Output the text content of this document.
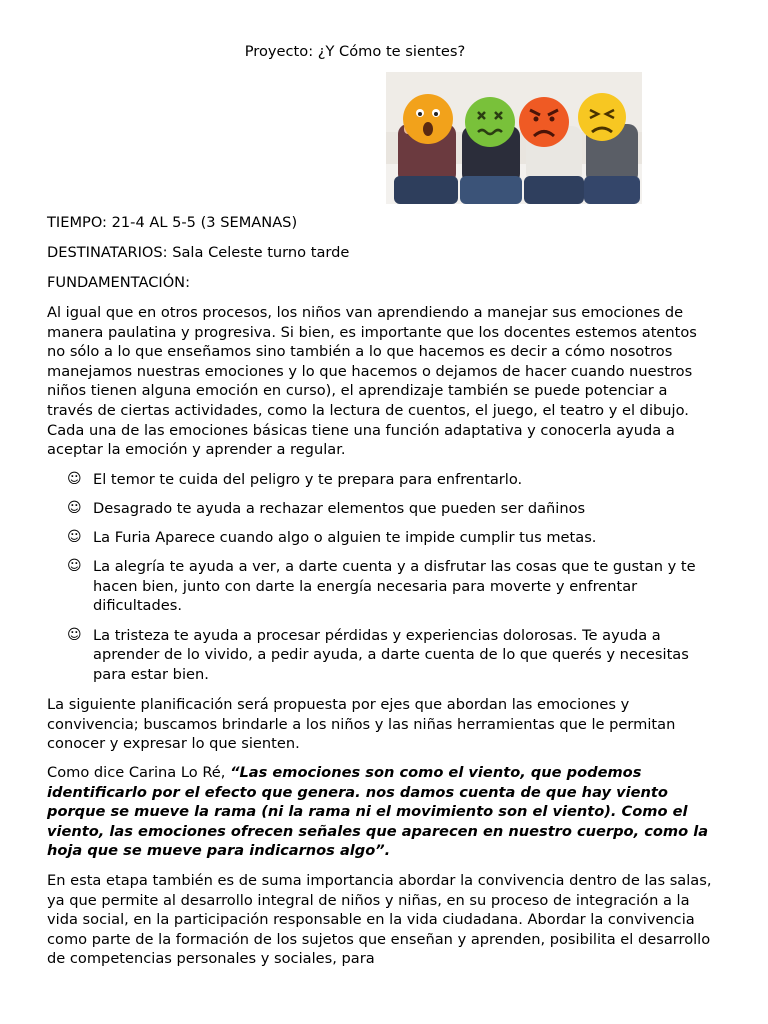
Proyecto: ¿Y Cómo te sientes?
TIEMPO: 21-4 AL 5-5 (3 SEMANAS)
DESTINATARIOS: Sala Celeste turno tarde
FUNDAMENTACIÓN:
Al igual que en otros procesos, los niños van aprendiendo a manejar sus emociones de manera paulatina y progresiva. Si bien, es importante que los docentes estemos atentos no sólo a lo que enseñamos sino también a lo que hacemos es decir a cómo nosotros manejamos nuestras emociones y lo que hacemos o dejamos de hacer cuando nuestros niños tienen alguna emoción en curso), el aprendizaje también se puede potenciar a través de ciertas actividades, como la lectura de cuentos, el juego, el teatro y el dibujo. Cada una de las emociones básicas tiene una función adaptativa y conocerla ayuda a aceptar la emoción y aprender a regular.
☺ El temor te cuida del peligro y te prepara para enfrentarlo.
☺ Desagrado te ayuda a rechazar elementos que pueden ser dañinos
☺ La Furia Aparece cuando algo o alguien te impide cumplir tus metas.
☺ La alegría te ayuda a ver, a darte cuenta y a disfrutar las cosas que te gustan y te hacen bien, junto con darte la energía necesaria para moverte y enfrentar dificultades.
☺ La tristeza te ayuda a procesar pérdidas y experiencias dolorosas. Te ayuda a aprender de lo vivido, a pedir ayuda, a darte cuenta de lo que querés y necesitas para estar bien.
La siguiente planificación será propuesta por ejes que abordan las emociones y convivencia; buscamos brindarle a los niños y las niñas herramientas que le permitan conocer y expresar lo que sienten.
Como dice Carina Lo Ré, “Las emociones son como el viento, que podemos identificarlo por el efecto que genera. nos damos cuenta de que hay viento porque se mueve la rama (ni la rama ni el movimiento son el viento). Como el viento, las emociones ofrecen señales que aparecen en nuestro cuerpo, como la hoja que se mueve para indicarnos algo”.
En esta etapa también es de suma importancia abordar la convivencia dentro de las salas, ya que permite al desarrollo integral de niños y niñas, en su proceso de integración a la vida social, en la participación responsable en la vida ciudadana. Abordar la convivencia como parte de la formación de los sujetos que enseñan y aprenden, posibilita el desarrollo de competencias personales y sociales, para
